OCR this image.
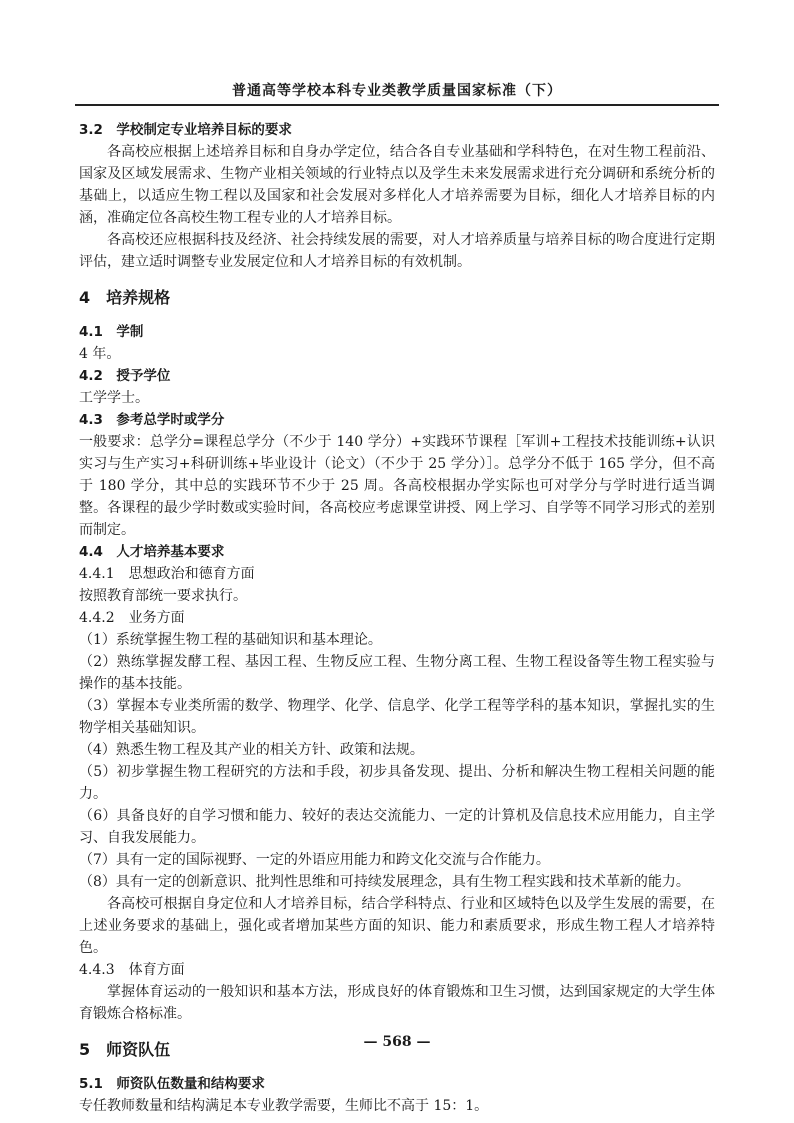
普通高等学校本科专业类教学质量国家标准（下）

3.2　学校制定专业培养目标的要求

各高校应根据上述培养目标和自身办学定位，结合各自专业基础和学科特色，在对生物工程前沿、国家及区域发展需求、生物产业相关领域的行业特点以及学生未来发展需求进行充分调研和系统分析的基础上，以适应生物工程以及国家和社会发展对多样化人才培养需要为目标，细化人才培养目标的内涵，准确定位各高校生物工程专业的人才培养目标。

各高校还应根据科技及经济、社会持续发展的需要，对人才培养质量与培养目标的吻合度进行定期评估，建立适时调整专业发展定位和人才培养目标的有效机制。

4　培养规格

4.1　学制

4 年。

4.2　授予学位

工学学士。

4.3　参考总学时或学分

一般要求：总学分=课程总学分（不少于 140 学分）+实践环节课程［军训+工程技术技能训练+认识实习与生产实习+科研训练+毕业设计（论文）（不少于 25 学分）］。总学分不低于 165 学分，但不高于 180 学分，其中总的实践环节不少于 25 周。各高校根据办学实际也可对学分与学时进行适当调整。各课程的最少学时数或实验时间，各高校应考虑课堂讲授、网上学习、自学等不同学习形式的差别而制定。

4.4　人才培养基本要求

4.4.1　思想政治和德育方面

按照教育部统一要求执行。

4.4.2　业务方面

（1）系统掌握生物工程的基础知识和基本理论。

（2）熟练掌握发酵工程、基因工程、生物反应工程、生物分离工程、生物工程设备等生物工程实验与操作的基本技能。

（3）掌握本专业类所需的数学、物理学、化学、信息学、化学工程等学科的基本知识，掌握扎实的生物学相关基础知识。

（4）熟悉生物工程及其产业的相关方针、政策和法规。

（5）初步掌握生物工程研究的方法和手段，初步具备发现、提出、分析和解决生物工程相关问题的能力。

（6）具备良好的自学习惯和能力、较好的表达交流能力、一定的计算机及信息技术应用能力，自主学习、自我发展能力。

（7）具有一定的国际视野、一定的外语应用能力和跨文化交流与合作能力。

（8）具有一定的创新意识、批判性思维和可持续发展理念，具有生物工程实践和技术革新的能力。

各高校可根据自身定位和人才培养目标，结合学科特点、行业和区域特色以及学生发展的需要，在上述业务要求的基础上，强化或者增加某些方面的知识、能力和素质要求，形成生物工程人才培养特色。

4.4.3　体育方面

掌握体育运动的一般知识和基本方法，形成良好的体育锻炼和卫生习惯，达到国家规定的大学生体育锻炼合格标准。

5　师资队伍

5.1　师资队伍数量和结构要求

专任教师数量和结构满足本专业教学需要，生师比不高于 15：1。

— 568 —
